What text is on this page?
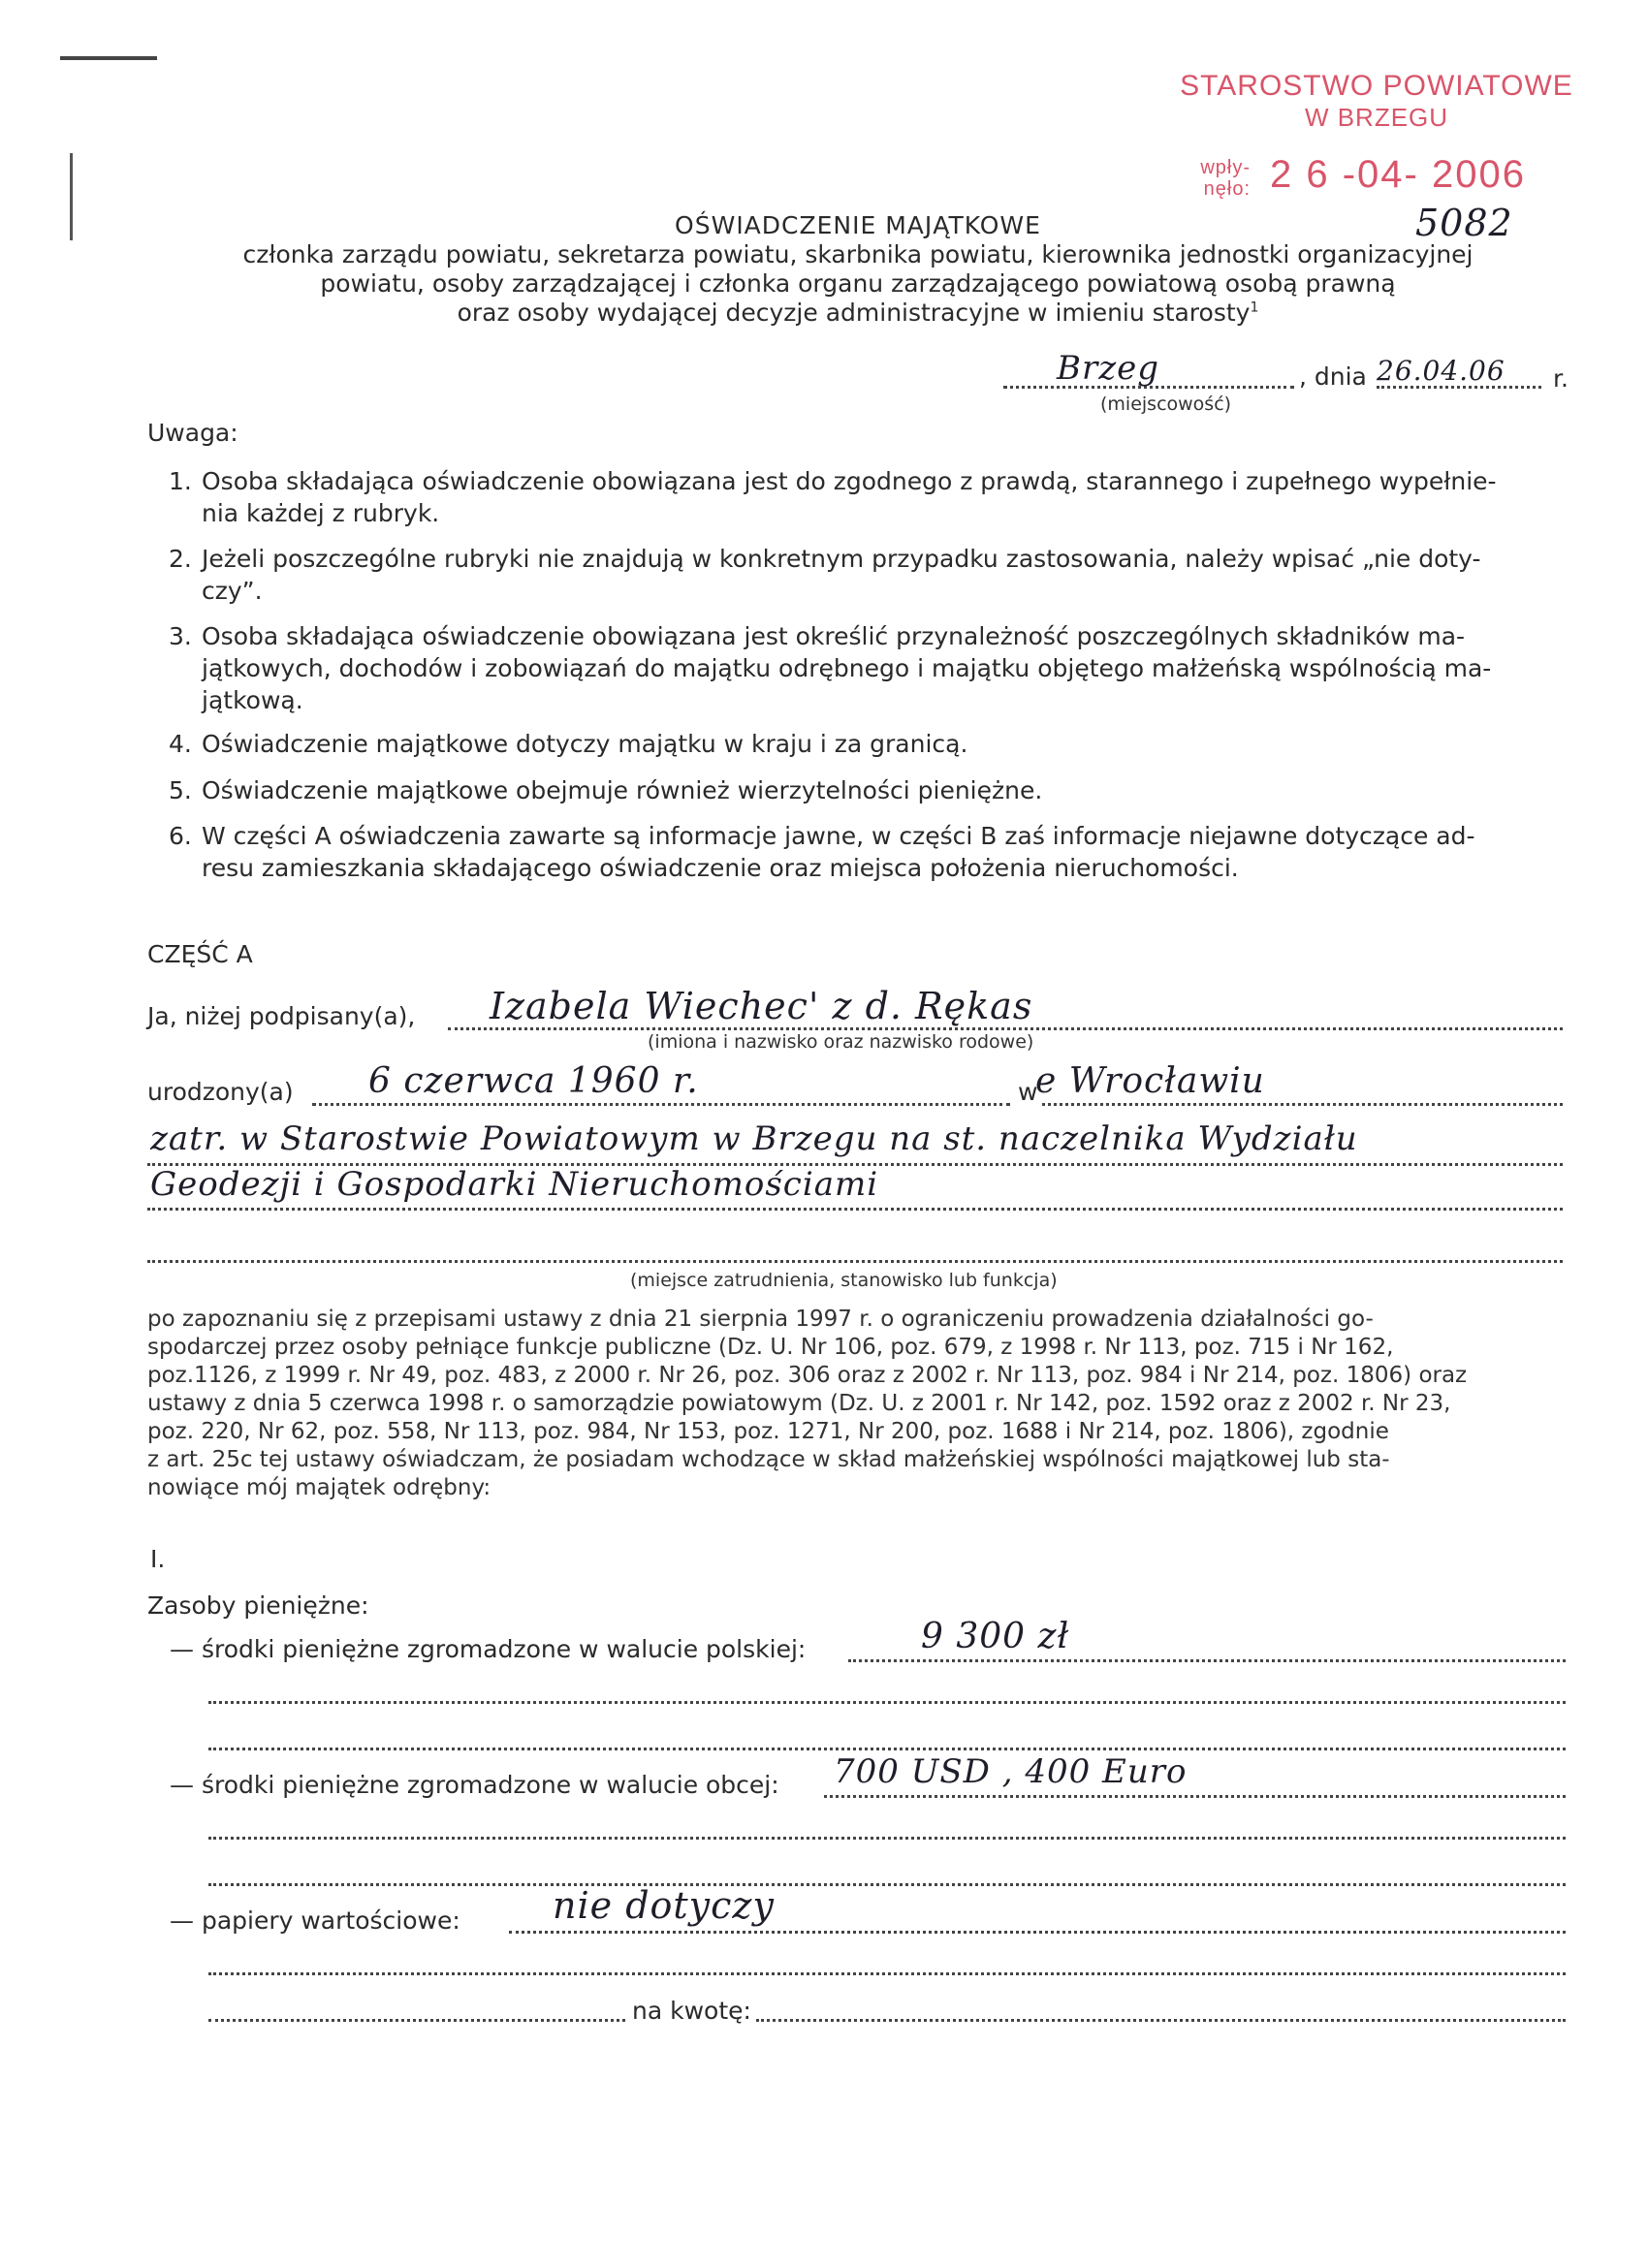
STAROSTWO POWIATOWE
W BRZEGU
wpły-
nęło: 2 6 -04- 2006
5082
OŚWIADCZENIE MAJĄTKOWE
członka zarządu powiatu, sekretarza powiatu, skarbnika powiatu, kierownika jednostki organizacyjnej
powiatu, osoby zarządzającej i członka organu zarządzającego powiatową osobą prawną
oraz osoby wydającej decyzje administracyjne w imieniu starosty$^1$
Brzeg	, dnia 26.04.06 r.
(miejscowość)
Uwaga:
1. Osoba składająca oświadczenie obowiązana jest do zgodnego z prawdą, starannego i zupełnego wypełnie-
nia każdej z rubryk.
2. Jeżeli poszczególne rubryki nie znajdują w konkretnym przypadku zastosowania, należy wpisać „nie doty-
czy”.
3. Osoba składająca oświadczenie obowiązana jest określić przynależność poszczególnych składników ma-
jątkowych, dochodów i zobowiązań do majątku odrębnego i majątku objętego małżeńską wspólnością ma-
jątkową.
4. Oświadczenie majątkowe dotyczy majątku w kraju i za granicą.
5. Oświadczenie majątkowe obejmuje również wierzytelności pieniężne.
6. W części A oświadczenia zawarte są informacje jawne, w części B zaś informacje niejawne dotyczące ad-
resu zamieszkania składającego oświadczenie oraz miejsca położenia nieruchomości.
CZĘŚĆ A
Ja, niżej podpisany(a), Izabela Wiechec' z d. Rękas
(imiona i nazwisko oraz nazwisko rodowe)
urodzony(a) 6 czerwca 1960 r.	w
e Wrocławiu
zatr. w Starostwie Powiatowym w Brzegu na st. naczelnika Wydziału
Geodezji i Gospodarki Nieruchomościami
(miejsce zatrudnienia, stanowisko lub funkcja)
po zapoznaniu się z przepisami ustawy z dnia 21 sierpnia 1997 r. o ograniczeniu prowadzenia działalności go-
spodarczej przez osoby pełniące funkcje publiczne (Dz. U. Nr 106, poz. 679, z 1998 r. Nr 113, poz. 715 i Nr 162,
poz.1126, z 1999 r. Nr 49, poz. 483, z 2000 r. Nr 26, poz. 306 oraz z 2002 r. Nr 113, poz. 984 i Nr 214, poz. 1806) oraz
ustawy z dnia 5 czerwca 1998 r. o samorządzie powiatowym (Dz. U. z 2001 r. Nr 142, poz. 1592 oraz z 2002 r. Nr 23,
poz. 220, Nr 62, poz. 558, Nr 113, poz. 984, Nr 153, poz. 1271, Nr 200, poz. 1688 i Nr 214, poz. 1806), zgodnie
z art. 25c tej ustawy oświadczam, że posiadam wchodzące w skład małżeńskiej wspólności majątkowej lub sta-
nowiące mój majątek odrębny:
I.
Zasoby pieniężne:
— środki pieniężne zgromadzone w walucie polskiej:	9 300 zł
— środki pieniężne zgromadzone w walucie obcej: 700 USD , 400 Euro
— papiery wartościowe:	nie dotyczy
na kwotę:
